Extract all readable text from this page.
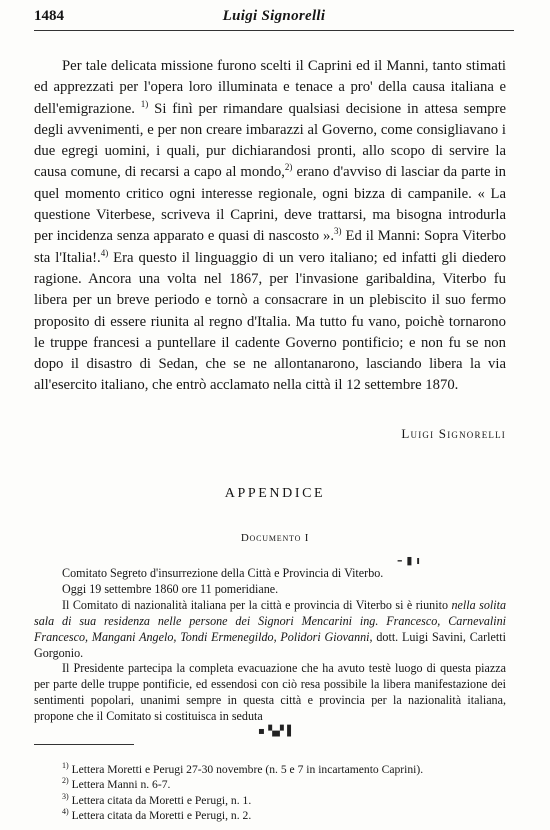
1484	Luigi Signorelli

Per tale delicata missione furono scelti il Caprini ed il Manni, tanto stimati ed apprezzati per l'opera loro illuminata e tenace a pro' della causa italiana e dell'emigrazione. $^{1)}$ Si finì per rimandare qualsiasi decisione in attesa sempre degli avvenimenti, e per non creare imbarazzi al Governo, come consigliavano i due egregi uomini, i quali, pur dichiarandosi pronti, allo scopo di servire la causa comune, di recarsi a capo al mondo,$^{2)}$ erano d'avviso di lasciar da parte in quel momento critico ogni interesse regionale, ogni bizza di campanile. « La questione Viterbese, scriveva il Caprini, deve trattarsi, ma bisogna introdurla per incidenza senza apparato e quasi di nascosto ».$^{3)}$ Ed il Manni: Sopra Viterbo sta l'Italia!.$^{4)}$ Era questo il linguaggio di un vero italiano; ed infatti gli diedero ragione. Ancora una volta nel 1867, per l'invasione garibaldina, Viterbo fu libera per un breve periodo e tornò a consacrare in un plebiscito il suo fermo proposito di essere riunita al regno d'Italia. Ma tutto fu vano, poichè tornarono le truppe francesi a puntellare il cadente Governo pontificio; e non fu se non dopo il disastro di Sedan, che se ne allontanarono, lasciando libera la via all'esercito italiano, che entrò acclamato nella città il 12 settembre 1870.

Luigi Signorelli
APPENDICE
Documento I
– ▮ ı

Comitato Segreto d'insurrezione della Città e Provincia di Viterbo.

Oggi 19 settembre 1860 ore 11 pomeridiane.

Il Comitato di nazionalità italiana per la città e provincia di Viterbo si è riunito nella solita sala di sua residenza nelle persone dei Signori Mencarini ing. Francesco, Carnevalini Francesco, Mangani Angelo, Tondi Ermenegildo, Polidori Giovanni, dott. Luigi Savini, Carletti Gorgonio.

Il Presidente partecipa la completa evacuazione che ha avuto testè luogo di questa piazza per parte delle truppe pontificie, ed essendosi con ciò resa possibile la libera manifestazione dei sentimenti popolari, unanimi sempre in questa città e provincia per la nazionalità italiana, propone che il Comitato si costituisca in seduta

▪ ▚▞ ▌
$^{1)}$ Lettera Moretti e Perugi 27-30 novembre (n. 5 e 7 in incartamento Caprini).
$^{2)}$ Lettera Manni n. 6-7.
$^{3)}$ Lettera citata da Moretti e Perugi, n. 1.
$^{4)}$ Lettera citata da Moretti e Perugi, n. 2.
